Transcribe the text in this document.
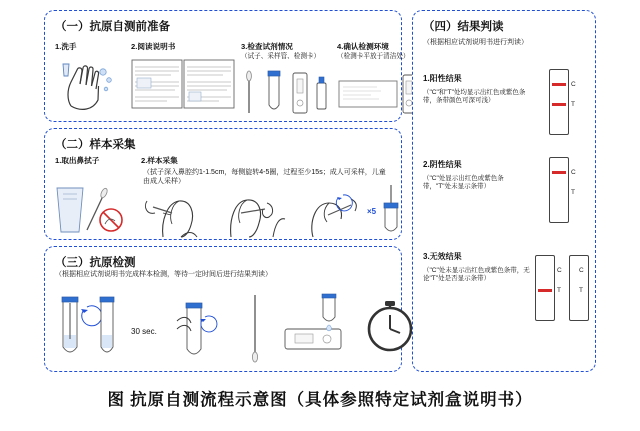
（一）抗原自测前准备
1.洗手	2.阅读说明书	3.检查试剂情况
（试子、采样管、检测卡）
4.确认检测环境
（检测卡平放于清洁处）
（二）样本采集
1.取出鼻拭子	2.样本采集
（拭子深入鼻腔约1-1.5cm，每侧旋转4-5圈，过程至少15s；成人可采样，儿童由成人采样）
×5
（三）抗原检测
（根据相应试剂说明书完成样本检测，等待一定时间后进行结果判读）
30 sec.
（四）结果判读
（根据相应试剂说明书进行判读）
1.阳性结果
（"C"和"T"处均显示出红色或紫色条带，条带颜色可深可浅）
C
T
2.阴性结果
（"C"处显示出红色或紫色条带，"T"处未显示条带）
C
T
3.无效结果
（"C"处未显示出红色或紫色条带，无论"T"处是否显示条带）
C
T
C
T
图 抗原自测流程示意图（具体参照特定试剂盒说明书）
